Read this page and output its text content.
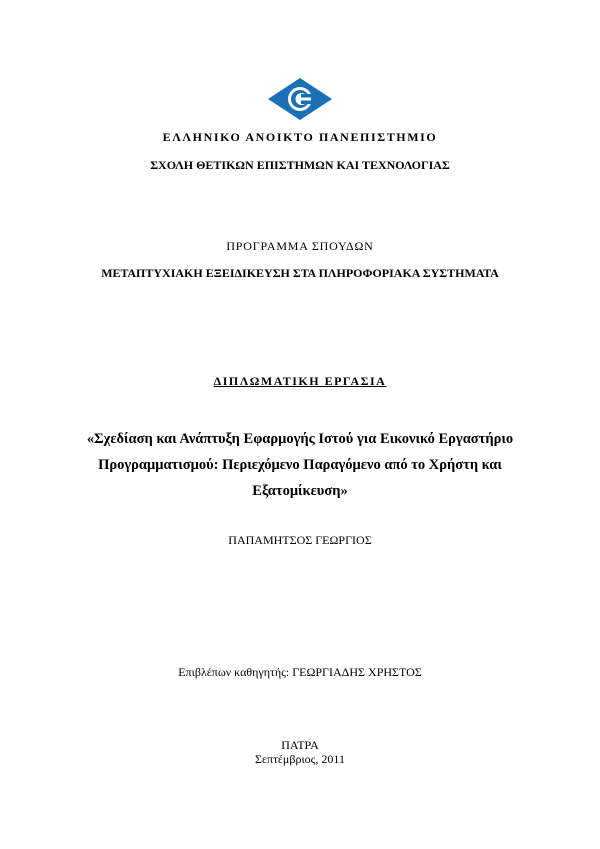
ΕΛΛΗΝΙΚΟ ΑΝΟΙΚΤΟ ΠΑΝΕΠΙΣΤΗΜΙΟ
ΣΧΟΛΗ ΘΕΤΙΚΩΝ ΕΠΙΣΤΗΜΩΝ ΚΑΙ ΤΕΧΝΟΛΟΓΙΑΣ
ΠΡΟΓΡΑΜΜΑ ΣΠΟΥΔΩΝ
ΜΕΤΑΠΤΥΧΙΑΚΗ ΕΞΕΙΔΙΚΕΥΣΗ ΣΤΑ ΠΛΗΡΟΦΟΡΙΑΚΑ ΣΥΣΤΗΜΑΤΑ
ΔΙΠΛΩΜΑΤΙΚΗ ΕΡΓΑΣΙΑ
«Σχεδίαση και Ανάπτυξη Εφαρμογής Ιστού για Εικονικό Εργαστήριο Προγραμματισμού: Περιεχόμενο Παραγόμενο από το Χρήστη και Εξατομίκευση»
ΠΑΠΑΜΗΤΣΟΣ ΓΕΩΡΓΙΟΣ
Επιβλέπων καθηγητής: ΓΕΩΡΓΙΑΔΗΣ ΧΡΗΣΤΟΣ
ΠΑΤΡΑ
Σεπτέμβριος, 2011
